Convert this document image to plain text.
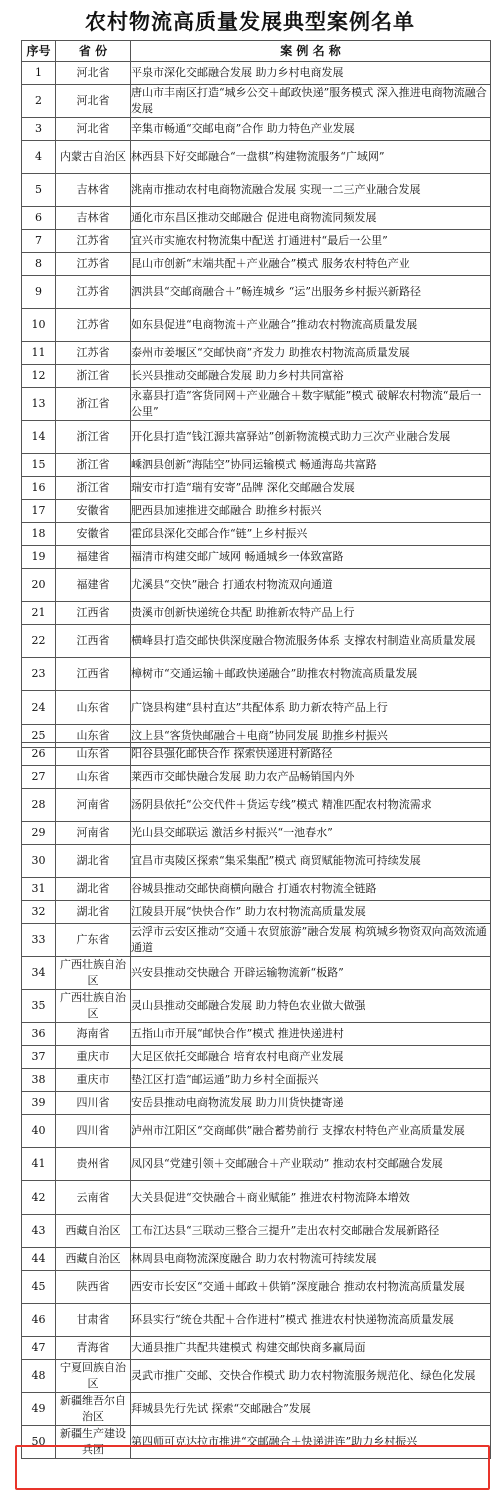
农村物流高质量发展典型案例名单
序号	省 份	案 例 名 称
1	河北省	平泉市深化交邮融合发展 助力乡村电商发展
2	河北省	唐山市丰南区打造“城乡公交＋邮政快递”服务模式 深入推进电商物流融合发展
3	河北省	辛集市畅通“交邮电商”合作 助力特色产业发展
4	内蒙古自治区	林西县下好交邮融合“一盘棋”构建物流服务“广域网”
5	吉林省	洮南市推动农村电商物流融合发展 实现一二三产业融合发展
6	吉林省	通化市东昌区推动交邮融合 促进电商物流同频发展
7	江苏省	宜兴市实施农村物流集中配送 打通进村“最后一公里”
8	江苏省	昆山市创新“末端共配＋产业融合”模式 服务农村特色产业
9	江苏省	泗洪县“交邮商融合＋”畅连城乡 “运”出服务乡村振兴新路径
10	江苏省	如东县促进“电商物流＋产业融合”推动农村物流高质量发展
11	江苏省	泰州市姜堰区“交邮快商”齐发力 助推农村物流高质量发展
12	浙江省	长兴县推动交邮融合发展 助力乡村共同富裕
13	浙江省	永嘉县打造“客货同网＋产业融合＋数字赋能”模式 破解农村物流“最后一公里”
14	浙江省	开化县打造“钱江源共富驿站”创新物流模式助力三次产业融合发展
15	浙江省	嵊泗县创新“海陆空”协同运输模式 畅通海岛共富路
16	浙江省	瑞安市打造“瑞有安寄”品牌 深化交邮融合发展
17	安徽省	肥西县加速推进交邮融合 助推乡村振兴
18	安徽省	霍邱县深化交邮合作“链”上乡村振兴
19	福建省	福清市构建交邮广域网 畅通城乡一体致富路
20	福建省	尤溪县“交快”融合 打通农村物流双向通道
21	江西省	贵溪市创新快递统仓共配 助推新农特产品上行
22	江西省	横峰县打造交邮快供深度融合物流服务体系 支撑农村制造业高质量发展
23	江西省	樟树市“交通运输＋邮政快递融合”助推农村物流高质量发展
24	山东省	广饶县构建“县村直达”共配体系 助力新农特产品上行
25	山东省	汶上县“客货快邮融合＋电商”协同发展 助推乡村振兴
26	山东省	阳谷县强化邮快合作 探索快递进村新路径
27	山东省	莱西市交邮快融合发展 助力农产品畅销国内外
28	河南省	汤阴县依托“公交代件＋货运专线”模式 精准匹配农村物流需求
29	河南省	光山县交邮联运 激活乡村振兴“一池春水”
30	湖北省	宜昌市夷陵区探索“集采集配”模式 商贸赋能物流可持续发展
31	湖北省	谷城县推动交邮快商横向融合 打通农村物流全链路
32	湖北省	江陵县开展“快快合作” 助力农村物流高质量发展
33	广东省	云浮市云安区推动“交通＋农贸旅游”融合发展 构筑城乡物资双向高效流通通道
34	广西壮族自治区	兴安县推动交快融合 开辟运输物流新“板路”
35	广西壮族自治区	灵山县推动交邮融合发展 助力特色农业做大做强
36	海南省	五指山市开展“邮快合作”模式 推进快递进村
37	重庆市	大足区依托交邮融合 培育农村电商产业发展
38	重庆市	垫江区打造“邮运通”助力乡村全面振兴
39	四川省	安岳县推动电商物流发展 助力川货快捷寄递
40	四川省	泸州市江阳区“交商邮供”融合蓄势前行 支撑农村特色产业高质量发展
41	贵州省	凤冈县“党建引领＋交邮融合＋产业联动” 推动农村交邮融合发展
42	云南省	大关县促进“交快融合＋商业赋能” 推进农村物流降本增效
43	西藏自治区	工布江达县“三联动三整合三提升”走出农村交邮融合发展新路径
44	西藏自治区	林周县电商物流深度融合 助力农村物流可持续发展
45	陕西省	西安市长安区“交通＋邮政＋供销”深度融合 推动农村物流高质量发展
46	甘肃省	环县实行“统仓共配＋合作进村”模式 推进农村快递物流高质量发展
47	青海省	大通县推广共配共建模式 构建交邮快商多赢局面
48	宁夏回族自治区	灵武市推广交邮、交快合作模式 助力农村物流服务规范化、绿色化发展
49	新疆维吾尔自治区	拜城县先行先试 探索“交邮融合”发展
50	新疆生产建设兵团	第四师可克达拉市推进“交邮融合＋快递进连”助力乡村振兴
